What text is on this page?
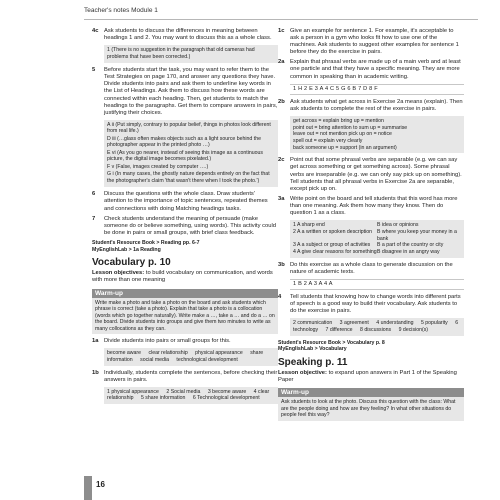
Teacher's notes Module 1
4c Ask students to discuss the differences in meaning between headings 1 and 2. You may want to discuss this as a whole class.

1 (There is no suggestion in the paragraph that old cameras had problems that have been corrected.)

5 Before students start the task, you may want to refer them to the Test Strategies on page 170, and answer any questions they have. Divide students into pairs and ask them to underline key words in the List of Headings. Ask them to discuss how these words are connected within each heading. Then, get students to match the headings to the paragraphs. Get them to compare answers in pairs, justifying their choices.

A ii (Put simply, contrary to popular belief, things in photos look different from real life.)

D iii (…glass often makes objects such as a light source behind the photographer appear in the printed photo …)

E vi (As you go nearer, instead of seeing this image as a continuous picture, the digital image becomes pixelated.)

F v (False, images created by computer ….)

G i (In many cases, the ghostly nature depends entirely on the fact that the photographer's claim 'that wasn't there when I took the photo.')

6 Discuss the questions with the whole class. Draw students' attention to the importance of topic sentences, repeated themes and connections with doing Matching headings tasks.
7 Check students understand the meaning of persuade (make someone do or believe something, using words). This activity could be done in pairs or small groups, with brief class feedback.
Student's Resource Book > Reading pp. 6-7
MyEnglishLab > 1a Reading
Vocabulary p. 10
Lesson objectives: to build vocabulary on communication, and words with more than one meaning
Warm-up
Write make a photo and take a photo on the board and ask students which phrase is correct (take a photo). Explain that take a photo is a collocation (words which go together naturally). Write make a …, take a … and do a … on the board. Divide students into groups and give them two minutes to write as many collocations as they can.
1a Divide students into pairs or small groups for this.
become aware clear relationship physical appearance share information social media technological development
1b Individually, students complete the sentences, before checking their answers in pairs.
1 physical appearance 2 Social media 3 become aware 4 clear relationship 5 share information 6 Technological development
1c Give an example for sentence 1. For example, it's acceptable to ask a person in a gym who looks fit how to use one of the machines. Ask students to suggest other examples for sentence 1 before they do the exercise in pairs.
2a Explain that phrasal verbs are made up of a main verb and at least one particle and that they have a specific meaning. They are more common in speaking than in academic writing.
1 H 2 E 3 A 4 C 5 G 6 B 7 D 8 F
2b Ask students what get across in Exercise 2a means (explain). Then ask students to complete the rest of the exercise in pairs.
get across = explain bring up = mention
point out = bring attention to sum up = summarise
leave out = not mention pick up on = notice
spell out = explain very clearly
back someone up = support (in an argument)
2c Point out that some phrasal verbs are separable (e.g. we can say get across something or get something across). Some phrasal verbs are inseparable (e.g. we can only say pick up on something). Tell students that all phrasal verbs in Exercise 2a are separable, except pick up on.
3a Write point on the board and tell students that this word has more than one meaning. Ask them how many they know. Then do question 1 as a class.
1 A sharp end	B idea or opinions
2 A a written or spoken description B where you keep your money in a bank
3 A a subject or group of activities	B a part of the country or city
4 A give clear reasons for something B disagree in an angry way
3b Do this exercise as a whole class to generate discussion on the nature of academic texts.
1 B 2 A 3 A 4 A
4 Tell students that knowing how to change words into different parts of speech is a good way to build their vocabulary. Ask students to do the exercise in pairs.
2 communication 3 agreement 4 understanding 5 popularity 6 technology 7 difference 8 discussions 9 decision(s)
Student's Resource Book > Vocabulary p. 8
MyEnglishLab > Vocabulary
Speaking p. 11
Lesson objective: to expand upon answers in Part 1 of the Speaking Paper
Warm-up
Ask students to look at the photo. Discuss this question with the class: What are the people doing and how are they feeling? In what other situations do people feel this way?
16
